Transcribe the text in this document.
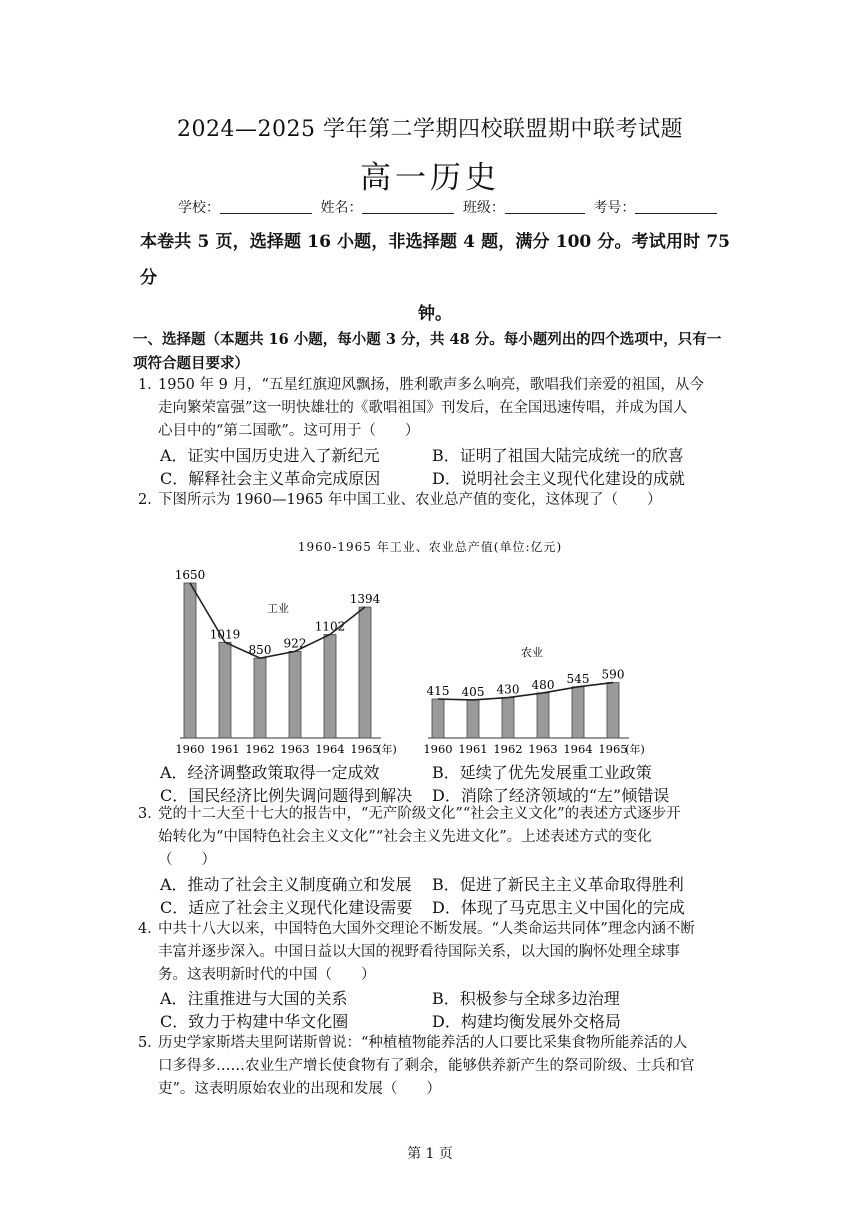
2024—2025 学年第二学期四校联盟期中联考试题
高一历史
学校：	姓名：	班级：	考号：
本卷共 5 页，选择题 16 小题，非选择题 4 题，满分 100 分。考试用时 75 分
钟。
一、选择题（本题共 16 小题，每小题 3 分，共 48 分。每小题列出的四个选项中，只有一
项符合题目要求）
1．
1950 年 9 月，“五星红旗迎风飘扬，胜利歌声多么响亮，歌唱我们亲爱的祖国，从今
走向繁荣富强”这一明快雄壮的《歌唱祖国》刊发后，在全国迅速传唱，并成为国人
心目中的“第二国歌”。这可用于（　　）
A．证实中国历史进入了新纪元	B．证明了祖国大陆完成统一的欣喜
C．解释社会主义革命完成原因	D．说明社会主义现代化建设的成就
2．
下图所示为 1960—1965 年中国工业、农业总产值的变化，这体现了（　　）
1960-1965 年工业、农业总产值(单位:亿元)
1650
1960
1019
1961
850
1962
922
1963
1102
1964
1394
1965
(年)
工业
415
1960
405
1961
430
1962
480
1963
545
1964
590
1965
(年)
农业
A．经济调整政策取得一定成效	B．延续了优先发展重工业政策
C．国民经济比例失调问题得到解决 D．消除了经济领域的“左”倾错误
3．
党的十二大至十七大的报告中，“无产阶级文化”“社会主义文化”的表述方式逐步开
始转化为“中国特色社会主义文化”“社会主义先进文化”。上述表述方式的变化
（　　）
A．推动了社会主义制度确立和发展 B．促进了新民主主义革命取得胜利
C．适应了社会主义现代化建设需要 D．体现了马克思主义中国化的完成
4．
中共十八大以来，中国特色大国外交理论不断发展。“人类命运共同体”理念内涵不断
丰富并逐步深入。中国日益以大国的视野看待国际关系，以大国的胸怀处理全球事
务。这表明新时代的中国（　　）
A．注重推进与大国的关系	B．积极参与全球多边治理
C．致力于构建中华文化圈	D．构建均衡发展外交格局
5．
历史学家斯塔夫里阿诺斯曾说：“种植植物能养活的人口要比采集食物所能养活的人
口多得多……农业生产增长使食物有了剩余，能够供养新产生的祭司阶级、士兵和官
吏”。这表明原始农业的出现和发展（　　）
第 1 页
